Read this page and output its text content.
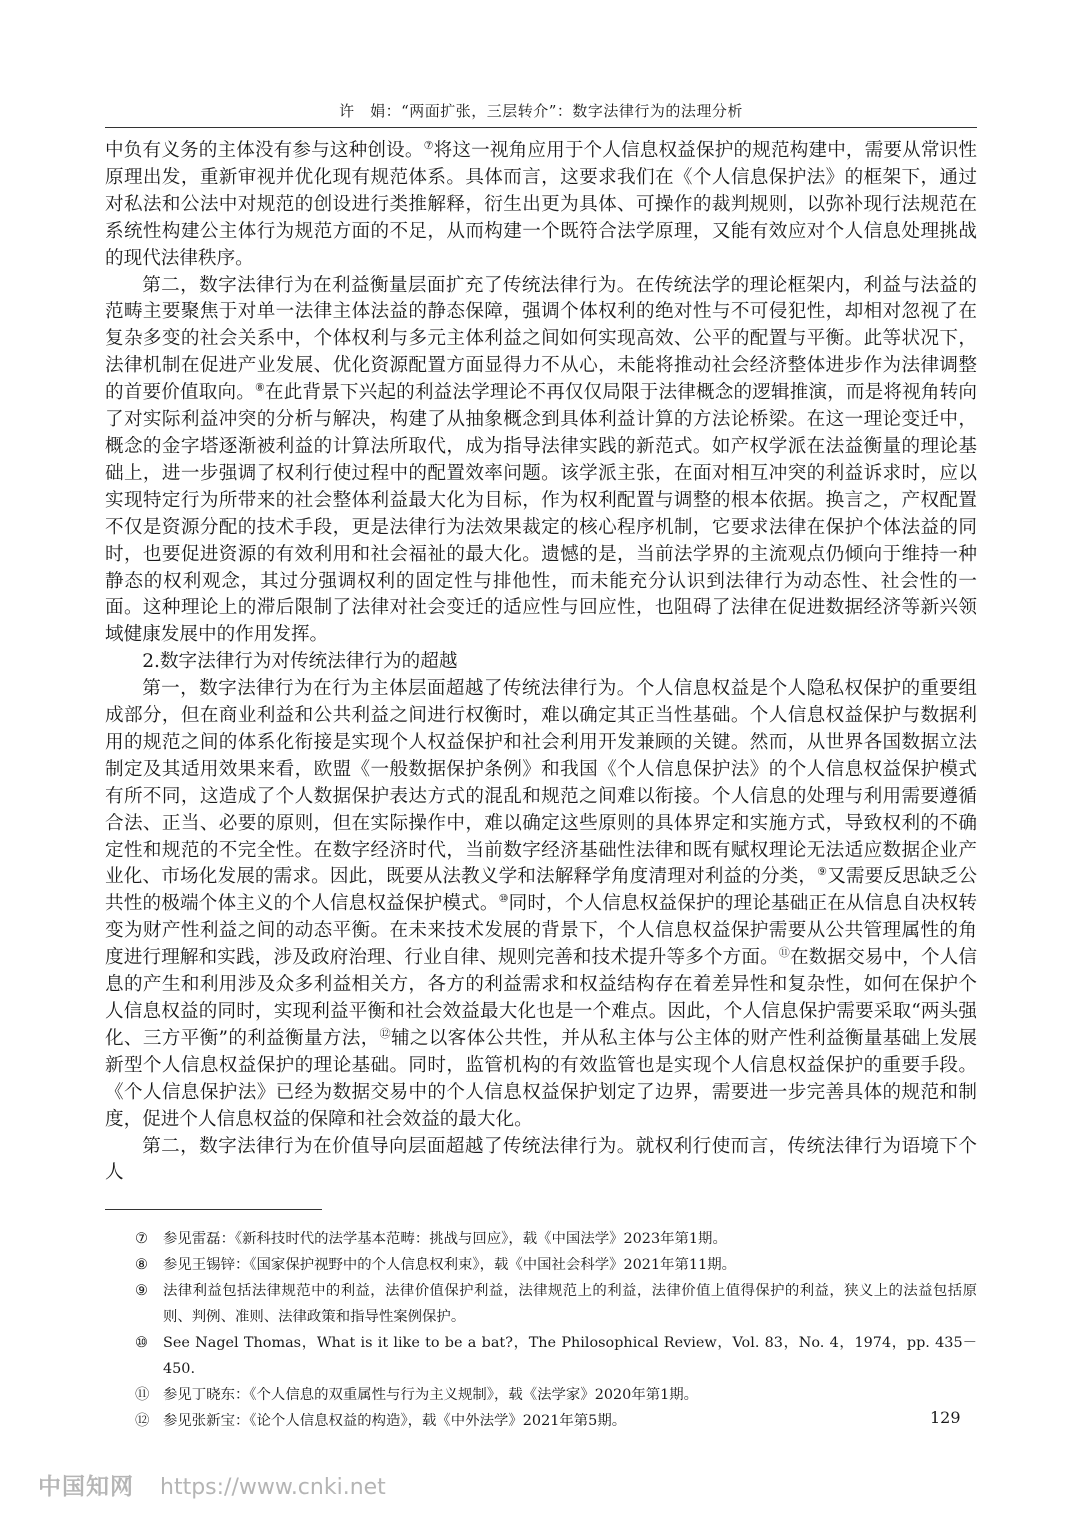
许　娟：“两面扩张，三层转介”：数字法律行为的法理分析

中负有义务的主体没有参与这种创设。⑦将这一视角应用于个人信息权益保护的规范构建中，需要从常识性原理出发，重新审视并优化现有规范体系。具体而言，这要求我们在《个人信息保护法》的框架下，通过对私法和公法中对规范的创设进行类推解释，衍生出更为具体、可操作的裁判规则，以弥补现行法规范在系统性构建公主体行为规范方面的不足，从而构建一个既符合法学原理，又能有效应对个人信息处理挑战的现代法律秩序。

第二，数字法律行为在利益衡量层面扩充了传统法律行为。在传统法学的理论框架内，利益与法益的范畴主要聚焦于对单一法律主体法益的静态保障，强调个体权利的绝对性与不可侵犯性，却相对忽视了在复杂多变的社会关系中，个体权利与多元主体利益之间如何实现高效、公平的配置与平衡。此等状况下，法律机制在促进产业发展、优化资源配置方面显得力不从心，未能将推动社会经济整体进步作为法律调整的首要价值取向。⑧在此背景下兴起的利益法学理论不再仅仅局限于法律概念的逻辑推演，而是将视角转向了对实际利益冲突的分析与解决，构建了从抽象概念到具体利益计算的方法论桥梁。在这一理论变迁中，概念的金字塔逐渐被利益的计算法所取代，成为指导法律实践的新范式。如产权学派在法益衡量的理论基础上，进一步强调了权利行使过程中的配置效率问题。该学派主张，在面对相互冲突的利益诉求时，应以实现特定行为所带来的社会整体利益最大化为目标，作为权利配置与调整的根本依据。换言之，产权配置不仅是资源分配的技术手段，更是法律行为法效果裁定的核心程序机制，它要求法律在保护个体法益的同时，也要促进资源的有效利用和社会福祉的最大化。遗憾的是，当前法学界的主流观点仍倾向于维持一种静态的权利观念，其过分强调权利的固定性与排他性，而未能充分认识到法律行为动态性、社会性的一面。这种理论上的滞后限制了法律对社会变迁的适应性与回应性，也阻碍了法律在促进数据经济等新兴领域健康发展中的作用发挥。

2.数字法律行为对传统法律行为的超越

第一，数字法律行为在行为主体层面超越了传统法律行为。个人信息权益是个人隐私权保护的重要组成部分，但在商业利益和公共利益之间进行权衡时，难以确定其正当性基础。个人信息权益保护与数据利用的规范之间的体系化衔接是实现个人权益保护和社会利用开发兼顾的关键。然而，从世界各国数据立法制定及其适用效果来看，欧盟《一般数据保护条例》和我国《个人信息保护法》的个人信息权益保护模式有所不同，这造成了个人数据保护表达方式的混乱和规范之间难以衔接。个人信息的处理与利用需要遵循合法、正当、必要的原则，但在实际操作中，难以确定这些原则的具体界定和实施方式，导致权利的不确定性和规范的不完全性。在数字经济时代，当前数字经济基础性法律和既有赋权理论无法适应数据企业产业化、市场化发展的需求。因此，既要从法教义学和法解释学角度清理对利益的分类，⑨又需要反思缺乏公共性的极端个体主义的个人信息权益保护模式。⑩同时，个人信息权益保护的理论基础正在从信息自决权转变为财产性利益之间的动态平衡。在未来技术发展的背景下，个人信息权益保护需要从公共管理属性的角度进行理解和实践，涉及政府治理、行业自律、规则完善和技术提升等多个方面。⑪在数据交易中，个人信息的产生和利用涉及众多利益相关方，各方的利益需求和权益结构存在着差异性和复杂性，如何在保护个人信息权益的同时，实现利益平衡和社会效益最大化也是一个难点。因此，个人信息保护需要采取“两头强化、三方平衡”的利益衡量方法，⑫辅之以客体公共性，并从私主体与公主体的财产性利益衡量基础上发展新型个人信息权益保护的理论基础。同时，监管机构的有效监管也是实现个人信息权益保护的重要手段。《个人信息保护法》已经为数据交易中的个人信息权益保护划定了边界，需要进一步完善具体的规范和制度，促进个人信息权益的保障和社会效益的最大化。

第二，数字法律行为在价值导向层面超越了传统法律行为。就权利行使而言，传统法律行为语境下个人

⑦	参见雷磊：《新科技时代的法学基本范畴：挑战与回应》，载《中国法学》2023年第1期。
⑧	参见王锡锌：《国家保护视野中的个人信息权利束》，载《中国社会科学》2021年第11期。
⑨	法律利益包括法律规范中的利益，法律价值保护利益，法律规范上的利益，法律价值上值得保护的利益，狭义上的法益包括原则、判例、准则、法律政策和指导性案例保护。
⑩	See Nagel Thomas，What is it like to be a bat?，The Philosophical Review，Vol. 83，No. 4，1974，pp. 435－450.
⑪ 参见丁晓东：《个人信息的双重属性与行为主义规制》，载《法学家》2020年第1期。
⑫ 参见张新宝：《论个人信息权益的构造》，载《中外法学》2021年第5期。	129
中国知网 https://www.cnki.net
